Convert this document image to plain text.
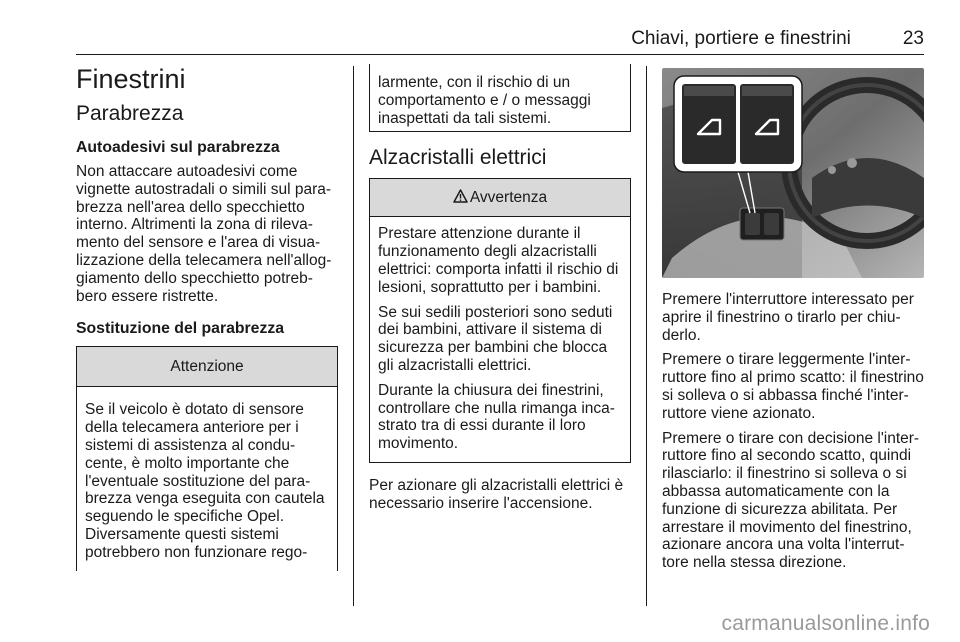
Chiavi, portiere e finestrini	23
Finestrini
Parabrezza
Autoadesivi sul parabrezza

Non attaccare autoadesivi come vignette autostradali o simili sul para-brezza nell'area dello specchietto interno. Altrimenti la zona di rileva-mento del sensore e l'area di visua-lizzazione della telecamera nell'allog-giamento dello specchietto potreb-bero essere ristrette.

Sostituzione del parabrezza
Attenzione

Se il veicolo è dotato di sensore della telecamera anteriore per i sistemi di assistenza al condu-cente, è molto importante che l'eventuale sostituzione del para-brezza venga eseguita con cautela seguendo le specifiche Opel. Diversamente questi sistemi potrebbero non funzionare rego-

larmente, con il rischio di un comportamento e / o messaggi inaspettati da tali sistemi.

Alzacristalli elettrici
Avvertenza

Prestare attenzione durante il funzionamento degli alzacristalli elettrici: comporta infatti il rischio di lesioni, soprattutto per i bambini.

Se sui sedili posteriori sono seduti dei bambini, attivare il sistema di sicurezza per bambini che blocca gli alzacristalli elettrici.

Durante la chiusura dei finestrini, controllare che nulla rimanga inca-strato tra di essi durante il loro movimento.

Per azionare gli alzacristalli elettrici è necessario inserire l'accensione.

Premere l'interruttore interessato per aprire il finestrino o tirarlo per chiu-derlo.

Premere o tirare leggermente l'inter-ruttore fino al primo scatto: il finestrino si solleva o si abbassa finché l'inter-ruttore viene azionato.

Premere o tirare con decisione l'inter-ruttore fino al secondo scatto, quindi rilasciarlo: il finestrino si solleva o si abbassa automaticamente con la funzione di sicurezza abilitata. Per arrestare il movimento del finestrino, azionare ancora una volta l'interrut-tore nella stessa direzione.

carmanualsonline.info
